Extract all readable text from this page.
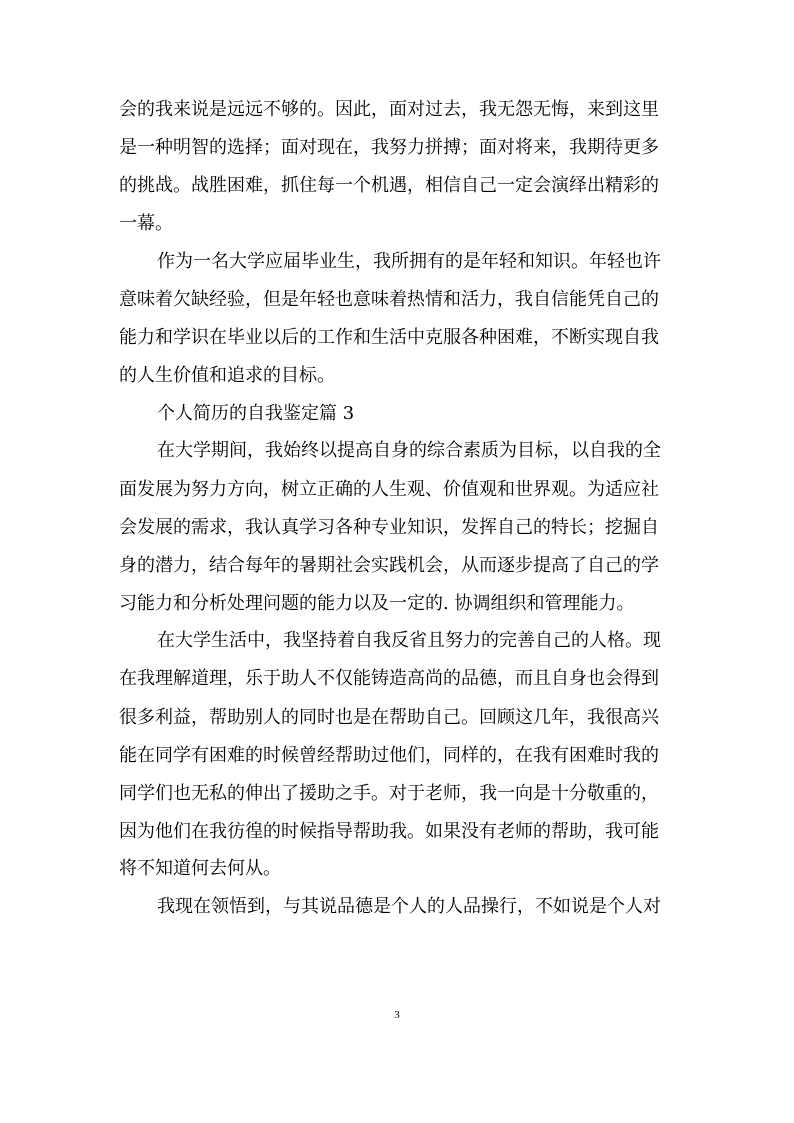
会的我来说是远远不够的。因此，面对过去，我无怨无悔，来到这里
是一种明智的选择；面对现在，我努力拼搏；面对将来，我期待更多
的挑战。战胜困难，抓住每一个机遇，相信自己一定会演绎出精彩的
一幕。
作为一名大学应届毕业生，我所拥有的是年轻和知识。年轻也许
意味着欠缺经验，但是年轻也意味着热情和活力，我自信能凭自己的
能力和学识在毕业以后的工作和生活中克服各种困难，不断实现自我
的人生价值和追求的目标。
个人简历的自我鉴定篇 3
在大学期间，我始终以提高自身的综合素质为目标，以自我的全
面发展为努力方向，树立正确的人生观、价值观和世界观。为适应社
会发展的需求，我认真学习各种专业知识，发挥自己的特长；挖掘自
身的潜力，结合每年的暑期社会实践机会，从而逐步提高了自己的学
习能力和分析处理问题的能力以及一定的. 协调组织和管理能力。
在大学生活中，我坚持着自我反省且努力的完善自己的人格。现
在我理解道理，乐于助人不仅能铸造高尚的品德，而且自身也会得到
很多利益，帮助别人的同时也是在帮助自己。回顾这几年，我很高兴
能在同学有困难的时候曾经帮助过他们，同样的，在我有困难时我的
同学们也无私的伸出了援助之手。对于老师，我一向是十分敬重的，
因为他们在我彷徨的时候指导帮助我。如果没有老师的帮助，我可能
将不知道何去何从。
我现在领悟到，与其说品德是个人的人品操行，不如说是个人对
3
